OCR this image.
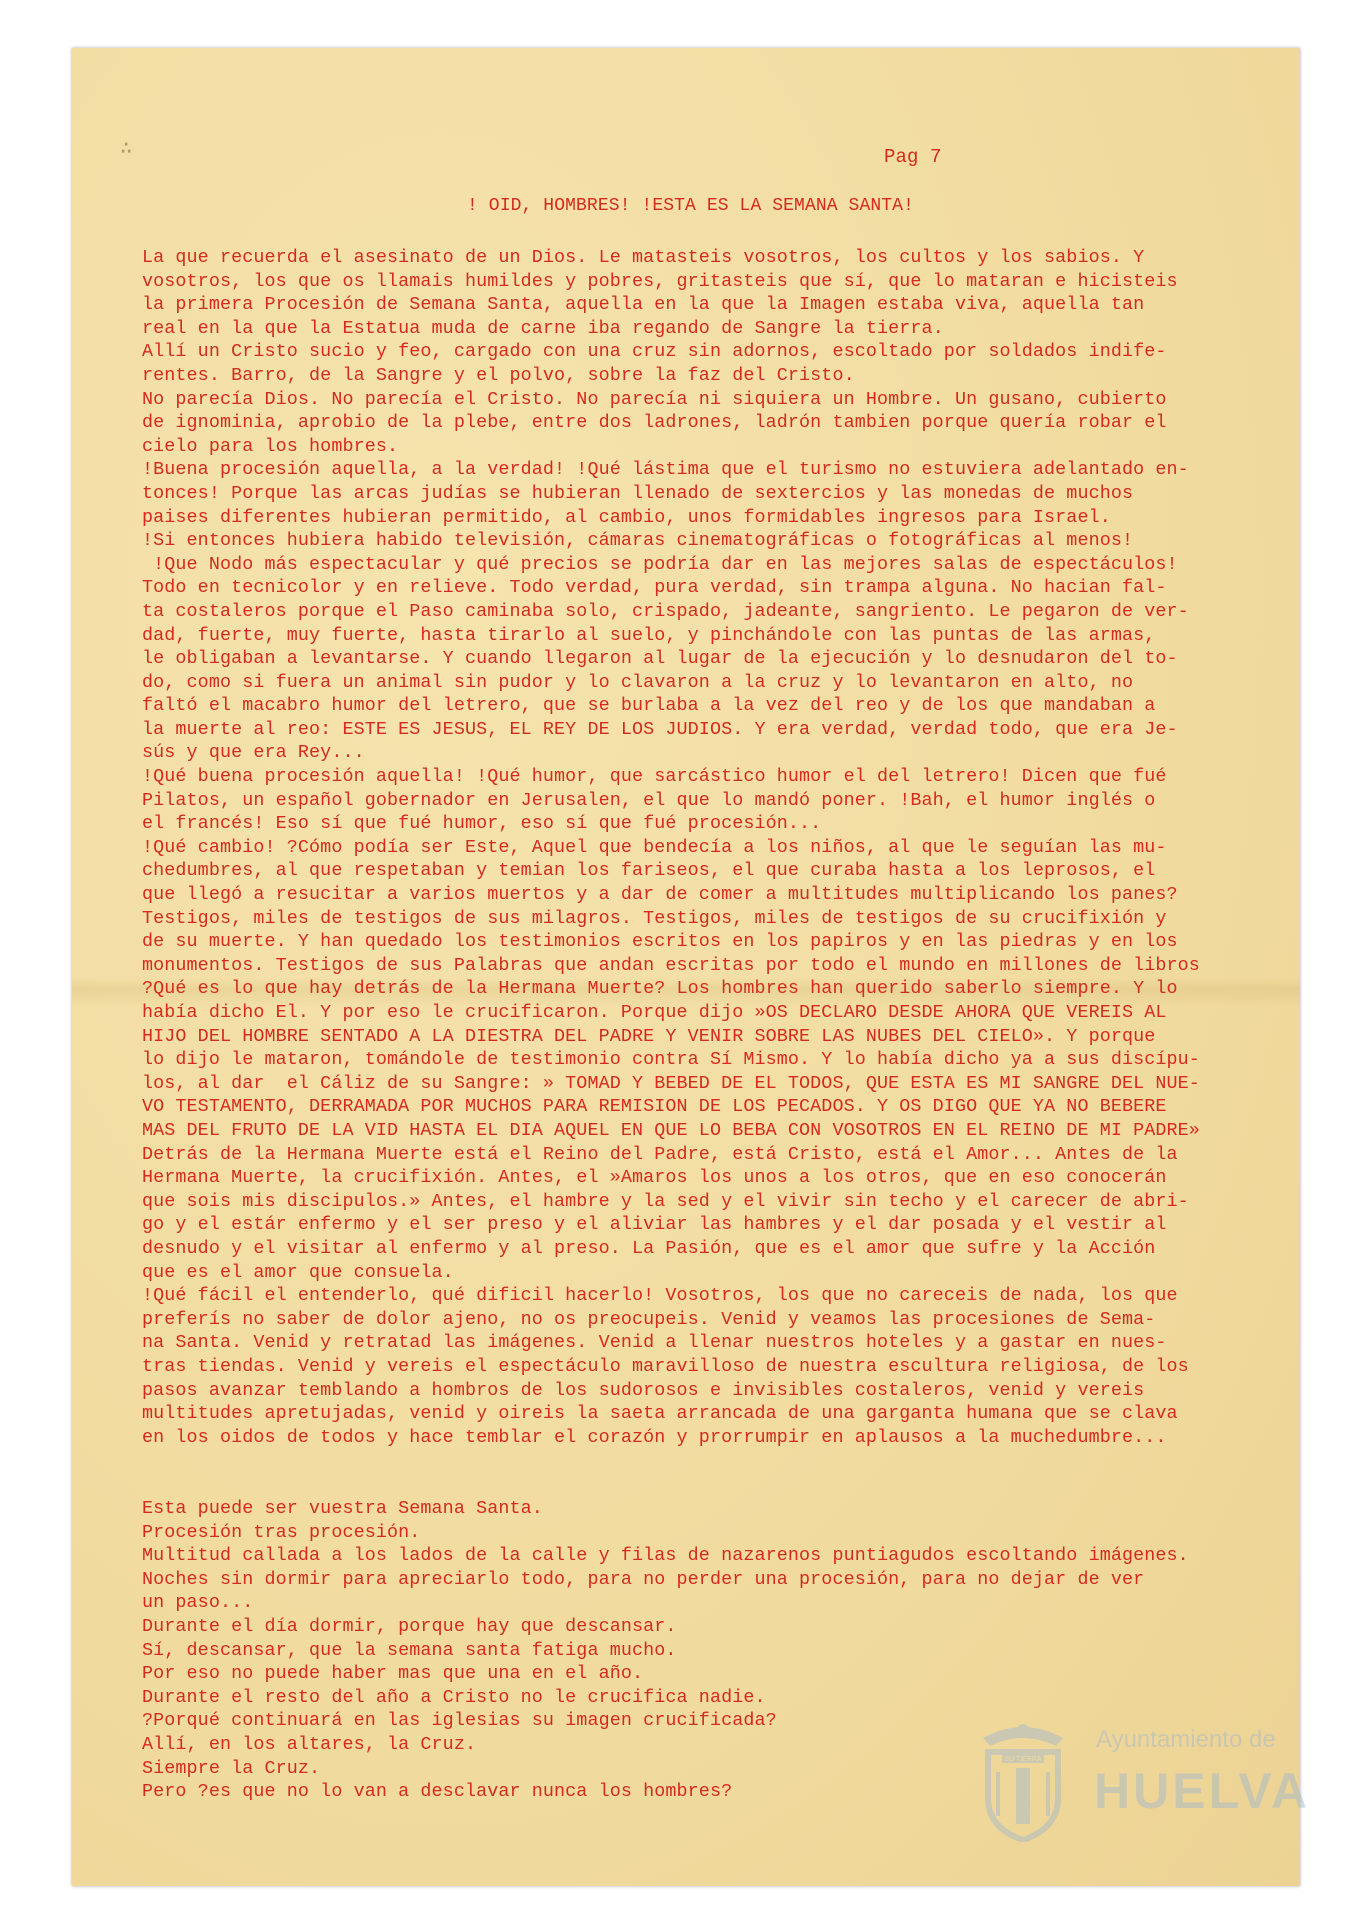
∴	Pag 7
! OID, HOMBRES! !ESTA ES LA SEMANA SANTA!
La que recuerda el asesinato de un Dios. Le matasteis vosotros, los cultos y los sabios. Y
vosotros, los que os llamais humildes y pobres, gritasteis que sí, que lo mataran e hicisteis
la primera Procesión de Semana Santa, aquella en la que la Imagen estaba viva, aquella tan
real en la que la Estatua muda de carne iba regando de Sangre la tierra.
Allí un Cristo sucio y feo, cargado con una cruz sin adornos, escoltado por soldados indife-
rentes. Barro, de la Sangre y el polvo, sobre la faz del Cristo.
No parecía Dios. No parecía el Cristo. No parecía ni siquiera un Hombre. Un gusano, cubierto
de ignominia, aprobio de la plebe, entre dos ladrones, ladrón tambien porque quería robar el
cielo para los hombres.
!Buena procesión aquella, a la verdad! !Qué lástima que el turismo no estuviera adelantado en-
tonces! Porque las arcas judías se hubieran llenado de sextercios y las monedas de muchos
paises diferentes hubieran permitido, al cambio, unos formidables ingresos para Israel.
!Si entonces hubiera habido televisión, cámaras cinematográficas o fotográficas al menos!
!Que Nodo más espectacular y qué precios se podría dar en las mejores salas de espectáculos!
Todo en tecnicolor y en relieve. Todo verdad, pura verdad, sin trampa alguna. No hacian fal-
ta costaleros porque el Paso caminaba solo, crispado, jadeante, sangriento. Le pegaron de ver-
dad, fuerte, muy fuerte, hasta tirarlo al suelo, y pinchándole con las puntas de las armas,
le obligaban a levantarse. Y cuando llegaron al lugar de la ejecución y lo desnudaron del to-
do, como si fuera un animal sin pudor y lo clavaron a la cruz y lo levantaron en alto, no
faltó el macabro humor del letrero, que se burlaba a la vez del reo y de los que mandaban a
la muerte al reo: ESTE ES JESUS, EL REY DE LOS JUDIOS. Y era verdad, verdad todo, que era Je-
sús y que era Rey...
!Qué buena procesión aquella! !Qué humor, que sarcástico humor el del letrero! Dicen que fué
Pilatos, un español gobernador en Jerusalen, el que lo mandó poner. !Bah, el humor inglés o
el francés! Eso sí que fué humor, eso sí que fué procesión...
!Qué cambio! ?Cómo podía ser Este, Aquel que bendecía a los niños, al que le seguían las mu-
chedumbres, al que respetaban y temian los fariseos, el que curaba hasta a los leprosos, el
que llegó a resucitar a varios muertos y a dar de comer a multitudes multiplicando los panes?
Testigos, miles de testigos de sus milagros. Testigos, miles de testigos de su crucifixión y
de su muerte. Y han quedado los testimonios escritos en los papiros y en las piedras y en los
monumentos. Testigos de sus Palabras que andan escritas por todo el mundo en millones de libros
?Qué es lo que hay detrás de la Hermana Muerte? Los hombres han querido saberlo siempre. Y lo
había dicho El. Y por eso le crucificaron. Porque dijo »OS DECLARO DESDE AHORA QUE VEREIS AL
HIJO DEL HOMBRE SENTADO A LA DIESTRA DEL PADRE Y VENIR SOBRE LAS NUBES DEL CIELO». Y porque
lo dijo le mataron, tomándole de testimonio contra Sí Mismo. Y lo había dicho ya a sus discípu-
los, al dar  el Cáliz de su Sangre: » TOMAD Y BEBED DE EL TODOS, QUE ESTA ES MI SANGRE DEL NUE-
VO TESTAMENTO, DERRAMADA POR MUCHOS PARA REMISION DE LOS PECADOS. Y OS DIGO QUE YA NO BEBERE
MAS DEL FRUTO DE LA VID HASTA EL DIA AQUEL EN QUE LO BEBA CON VOSOTROS EN EL REINO DE MI PADRE»
Detrás de la Hermana Muerte está el Reino del Padre, está Cristo, está el Amor... Antes de la
Hermana Muerte, la crucifixión. Antes, el »Amaros los unos a los otros, que en eso conocerán
que sois mis discipulos.» Antes, el hambre y la sed y el vivir sin techo y el carecer de abri-
go y el estár enfermo y el ser preso y el aliviar las hambres y el dar posada y el vestir al
desnudo y el visitar al enfermo y al preso. La Pasión, que es el amor que sufre y la Acción
que es el amor que consuela.
!Qué fácil el entenderlo, qué dificil hacerlo! Vosotros, los que no careceis de nada, los que
preferís no saber de dolor ajeno, no os preocupeis. Venid y veamos las procesiones de Sema-
na Santa. Venid y retratad las imágenes. Venid a llenar nuestros hoteles y a gastar en nues-
tras tiendas. Venid y vereis el espectáculo maravilloso de nuestra escultura religiosa, de los
pasos avanzar temblando a hombros de los sudorosos e invisibles costaleros, venid y vereis
multitudes apretujadas, venid y oireis la saeta arrancada de una garganta humana que se clava
en los oidos de todos y hace temblar el corazón y prorrumpir en aplausos a la muchedumbre...
Esta puede ser vuestra Semana Santa.
Procesión tras procesión.
Multitud callada a los lados de la calle y filas de nazarenos puntiagudos escoltando imágenes.
Noches sin dormir para apreciarlo todo, para no perder una procesión, para no dejar de ver
un paso...
Durante el día dormir, porque hay que descansar.
Sí, descansar, que la semana santa fatiga mucho.
Por eso no puede haber mas que una en el año.
Durante el resto del año a Cristo no le crucifica nadie.
?Porqué continuará en las iglesias su imagen crucificada?
Allí, en los altares, la Cruz.
Siempre la Cruz.
Pero ?es que no lo van a desclavar nunca los hombres?
SU TIERRA
Ayuntamiento de
HUELVA
